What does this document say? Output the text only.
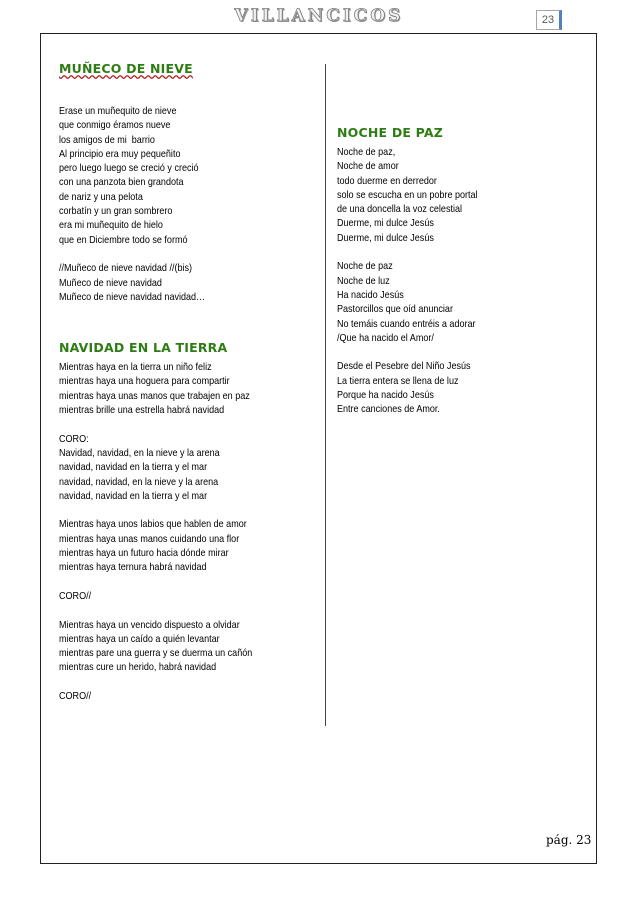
VILLANCICOS	23
MUÑECO DE NIEVE
Erase un muñequito de nieve
que conmigo éramos nueve
los amigos de mi  barrio
Al principio era muy pequeñito
pero luego luego se creció y creció
con una panzota bien grandota
de nariz y una pelota
corbatín y un gran sombrero
era mi muñequito de hielo
que en Diciembre todo se formó
//Muñeco de nieve navidad //(bis)
Muñeco de nieve navidad
Muñeco de nieve navidad navidad…
NAVIDAD EN LA TIERRA
Mientras haya en la tierra un niño feliz
mientras haya una hoguera para compartir
mientras haya unas manos que trabajen en paz
mientras brille una estrella habrá navidad
CORO:
Navidad, navidad, en la nieve y la arena
navidad, navidad en la tierra y el mar
navidad, navidad, en la nieve y la arena
navidad, navidad en la tierra y el mar
Mientras haya unos labios que hablen de amor
mientras haya unas manos cuidando una flor
mientras haya un futuro hacia dónde mirar
mientras haya ternura habrá navidad
CORO//
Mientras haya un vencido dispuesto a olvidar
mientras haya un caído a quién levantar
mientras pare una guerra y se duerma un cañón
mientras cure un herido, habrá navidad
CORO//
NOCHE DE PAZ
Noche de paz,
Noche de amor
todo duerme en derredor
solo se escucha en un pobre portal
de una doncella la voz celestial
Duerme, mi dulce Jesús
Duerme, mi dulce Jesús
Noche de paz
Noche de luz
Ha nacido Jesús
Pastorcillos que oíd anunciar
No temáis cuando entréis a adorar
/Que ha nacido el Amor/
Desde el Pesebre del Niño Jesús
La tierra entera se llena de luz
Porque ha nacido Jesús
Entre canciones de Amor.
pág. 23
